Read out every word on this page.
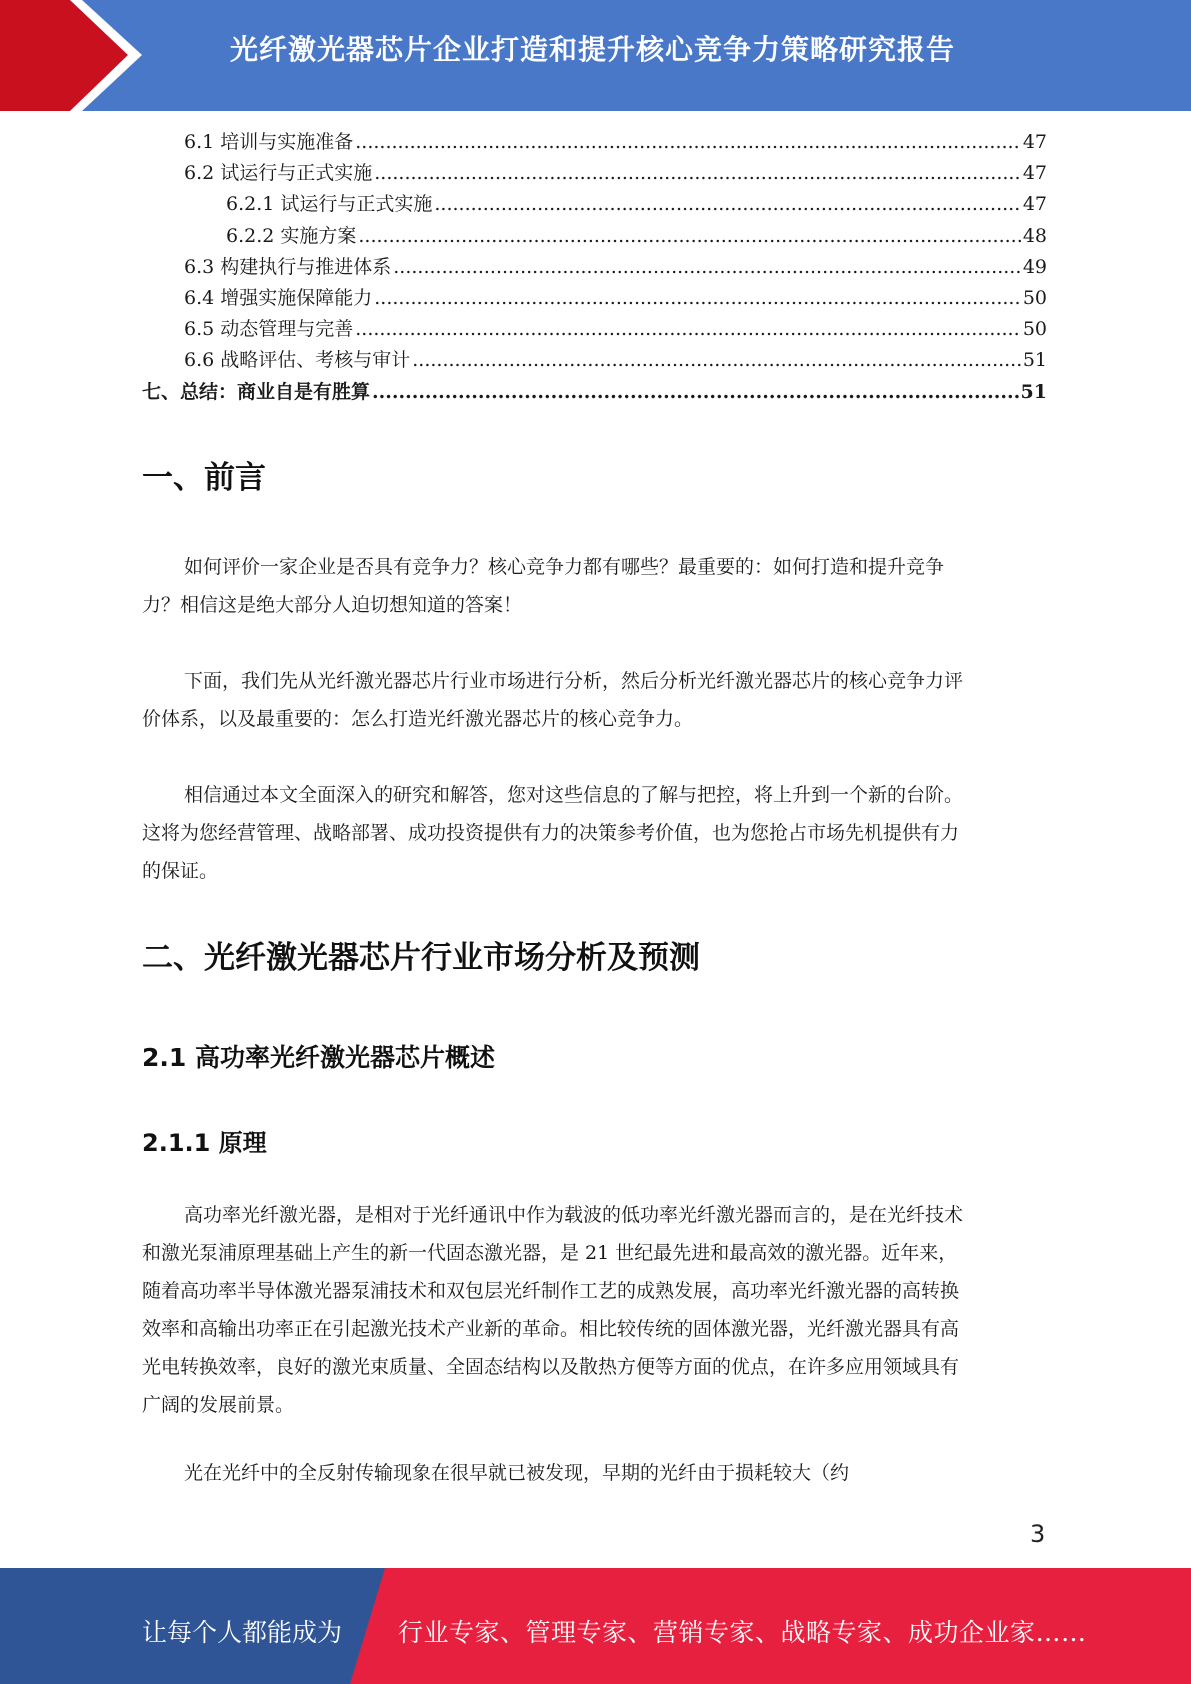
光纤激光器芯片企业打造和提升核心竞争力策略研究报告
6.1 培训与实施准备 .....	47
6.2 试运行与正式实施 .....	47
6.2.1 试运行与正式实施 .....	47
6.2.2 实施方案 .....	48
6.3 构建执行与推进体系 .....	49
6.4 增强实施保障能力 .....	50
6.5 动态管理与完善 .....	50
6.6 战略评估、考核与审计 .....	51
七、总结：商业自是有胜算 .....	51
一、前言
如何评价一家企业是否具有竞争力？核心竞争力都有哪些？最重要的：如何打造和提升竞争
力？相信这是绝大部分人迫切想知道的答案！
下面，我们先从光纤激光器芯片行业市场进行分析，然后分析光纤激光器芯片的核心竞争力评
价体系，以及最重要的：怎么打造光纤激光器芯片的核心竞争力。
相信通过本文全面深入的研究和解答，您对这些信息的了解与把控，将上升到一个新的台阶。
这将为您经营管理、战略部署、成功投资提供有力的决策参考价值，也为您抢占市场先机提供有力
的保证。
二、光纤激光器芯片行业市场分析及预测
2.1 高功率光纤激光器芯片概述
2.1.1 原理
高功率光纤激光器，是相对于光纤通讯中作为载波的低功率光纤激光器而言的，是在光纤技术
和激光泵浦原理基础上产生的新一代固态激光器，是 21 世纪最先进和最高效的激光器。近年来，
随着高功率半导体激光器泵浦技术和双包层光纤制作工艺的成熟发展，高功率光纤激光器的高转换
效率和高输出功率正在引起激光技术产业新的革命。相比较传统的固体激光器，光纤激光器具有高
光电转换效率，良好的激光束质量、全固态结构以及散热方便等方面的优点，在许多应用领域具有
广阔的发展前景。
光在光纤中的全反射传输现象在很早就已被发现，早期的光纤由于损耗较大（约
3
让每个人都能成为 行业专家、管理专家、营销专家、战略专家、成功企业家……
